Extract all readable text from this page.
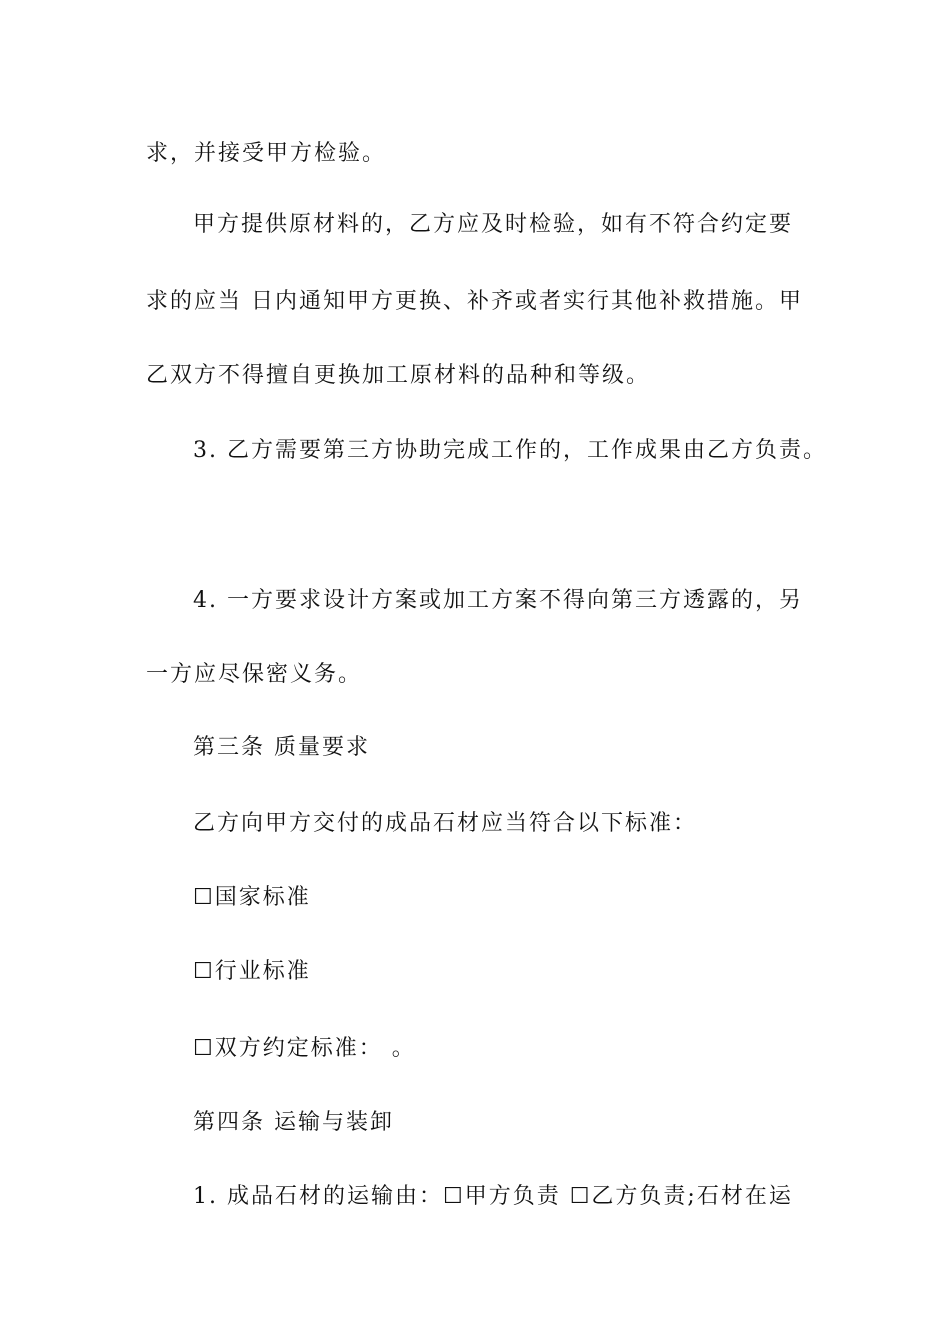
求，并接受甲方检验。
甲方提供原材料的，乙方应及时检验，如有不符合约定要
求的应当 日内通知甲方更换、补齐或者实行其他补救措施。甲
乙双方不得擅自更换加工原材料的品种和等级。
3. 乙方需要第三方协助完成工作的，工作成果由乙方负责。
4. 一方要求设计方案或加工方案不得向第三方透露的，另
一方应尽保密义务。
第三条 质量要求
乙方向甲方交付的成品石材应当符合以下标准：
☐国家标准
☐行业标准
☐双方约定标准： 。
第四条 运输与装卸
1. 成品石材的运输由：☐甲方负责 ☐乙方负责;石材在运
